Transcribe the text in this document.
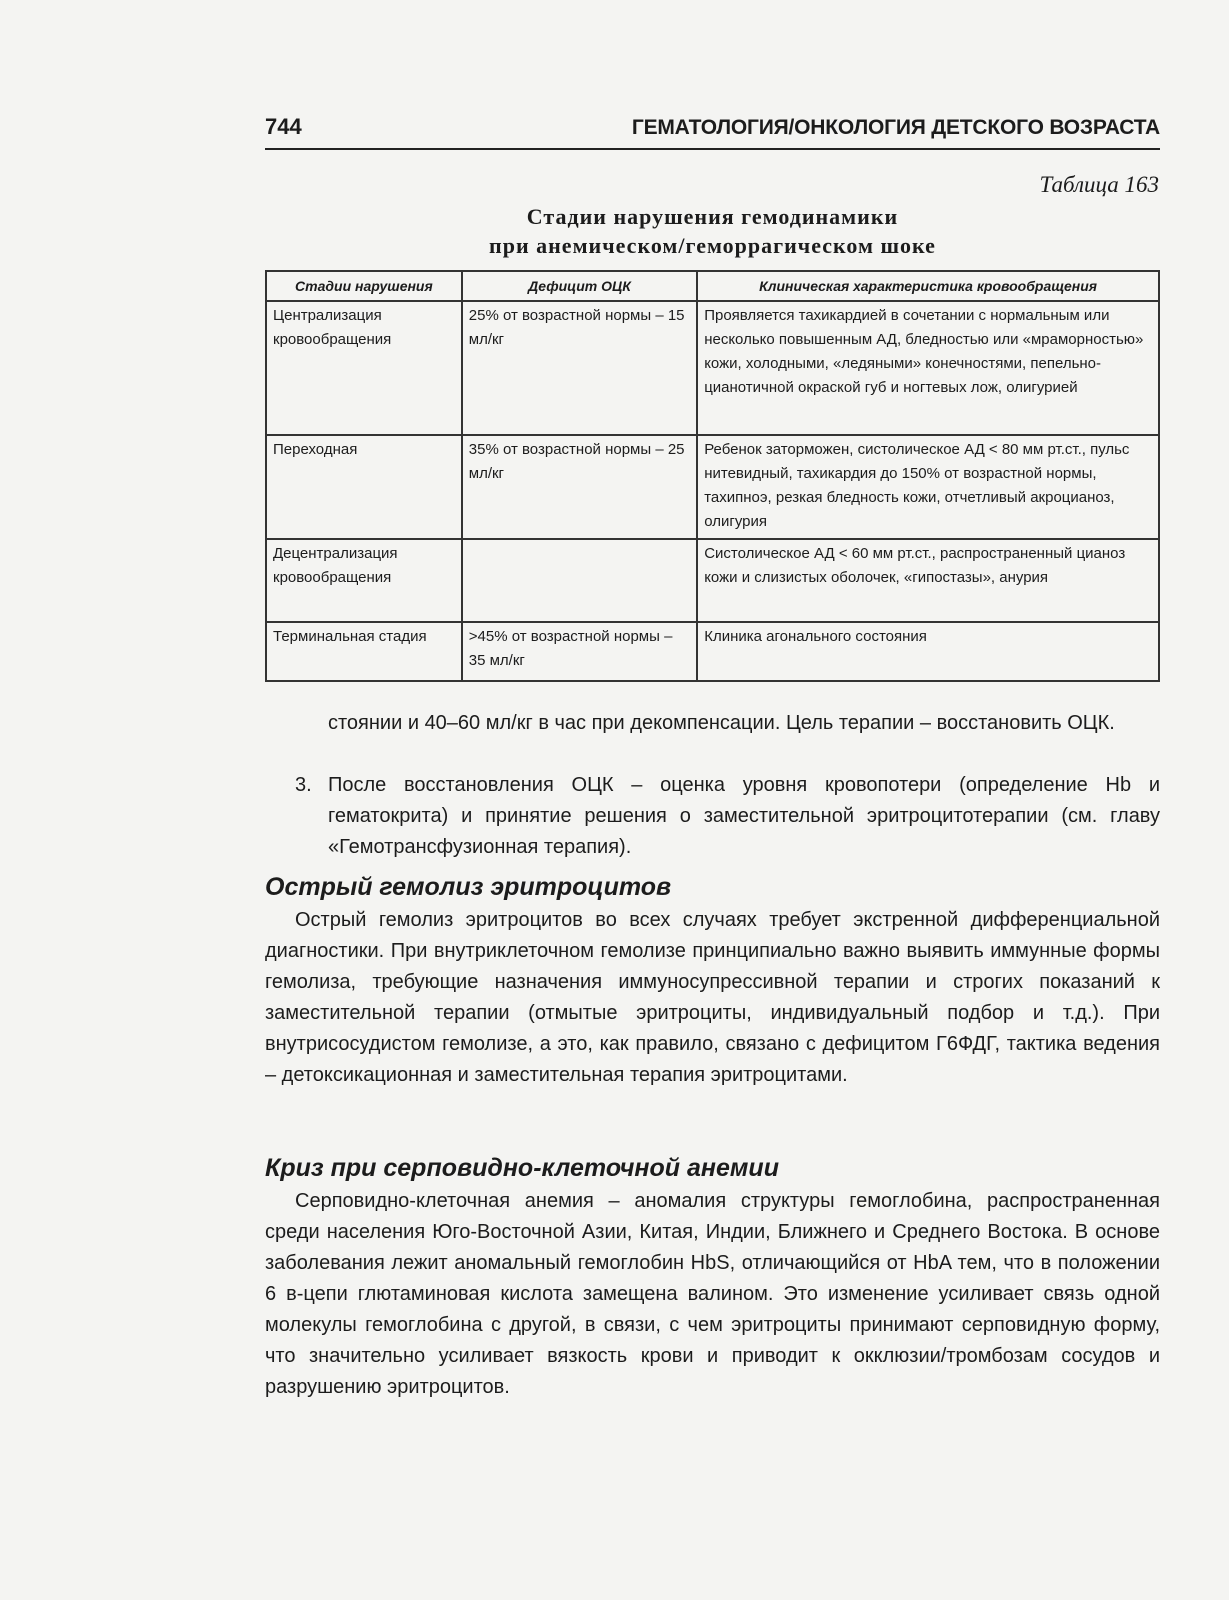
744	ГЕМАТОЛОГИЯ/ОНКОЛОГИЯ ДЕТСКОГО ВОЗРАСТА
Таблица 163
Стадии нарушения гемодинамики
при анемическом/геморрагическом шоке
Стадии нарушения	Дефицит ОЦК	Клиническая характеристика кровообращения
Централизация кровообращения	25% от возрастной нормы – 15 мл/кг	Проявляется тахикардией в сочетании с нормальным или несколько повышенным АД, бледностью или «мраморностью» кожи, холодными, «ледяными» конечностями, пепельно-цианотичной окраской губ и ногтевых лож, олигурией
Переходная	35% от возрастной нормы – 25 мл/кг	Ребенок заторможен, систолическое АД < 80 мм рт.ст., пульс нитевидный, тахикардия до 150% от возрастной нормы, тахипноэ, резкая бледность кожи, отчетливый акроцианоз, олигурия
Децентрализация кровообращения		Систолическое АД < 60 мм рт.ст., распространенный цианоз кожи и слизистых оболочек, «гипостазы», анурия
Терминальная стадия	>45% от возрастной нормы – 35 мл/кг	Клиника агонального состояния
стоянии и 40–60 мл/кг в час при декомпенсации. Цель терапии – восстановить ОЦК.
3. После восстановления ОЦК – оценка уровня кровопотери (определение Hb и гематокрита) и принятие решения о заместительной эритроцитотерапии (см. главу «Гемотрансфузионная терапия).
Острый гемолиз эритроцитов
Острый гемолиз эритроцитов во всех случаях требует экстренной дифференциальной диагностики. При внутриклеточном гемолизе принципиально важно выявить иммунные формы гемолиза, требующие назначения иммуносупрессивной терапии и строгих показаний к заместительной терапии (отмытые эритроциты, индивидуальный подбор и т.д.). При внутрисосудистом гемолизе, а это, как правило, связано с дефицитом Г6ФДГ, тактика ведения – детоксикационная и заместительная терапия эритроцитами.
Криз при серповидно-клеточной анемии
Серповидно-клеточная анемия – аномалия структуры гемоглобина, распространенная среди населения Юго-Восточной Азии, Китая, Индии, Ближнего и Среднего Востока. В основе заболевания лежит аномальный гемоглобин HbS, отличающийся от HbA тем, что в положении 6 в-цепи глютаминовая кислота замещена валином. Это изменение усиливает связь одной молекулы гемоглобина с другой, в связи, с чем эритроциты принимают серповидную форму, что значительно усиливает вязкость крови и приводит к окклюзии/тромбозам сосудов и разрушению эритроцитов.
